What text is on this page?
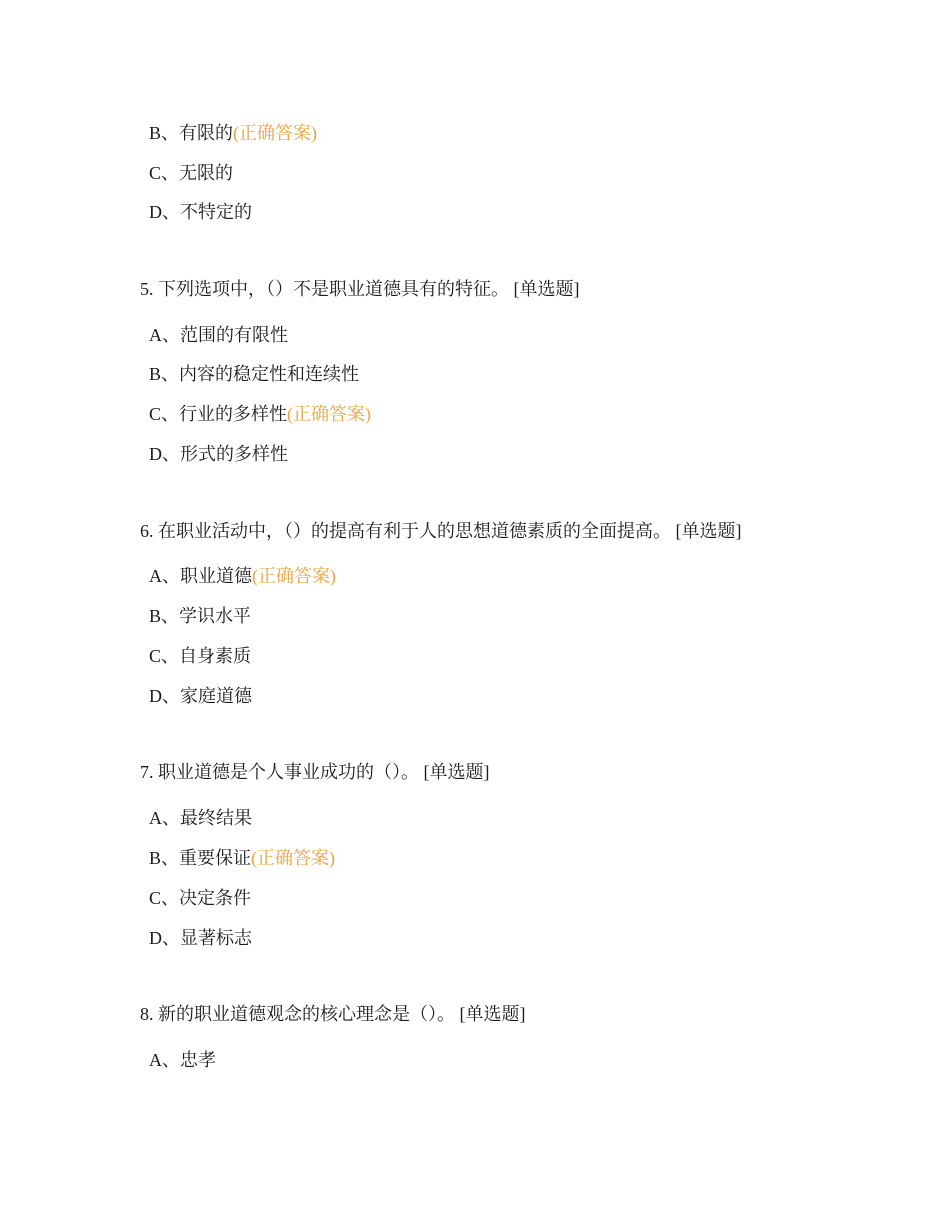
B、有限的(正确答案)
C、无限的
D、不特定的
5. 下列选项中，（）不是职业道德具有的特征。 [单选题]
A、范围的有限性
B、内容的稳定性和连续性
C、行业的多样性(正确答案)
D、形式的多样性
6. 在职业活动中，（）的提高有利于人的思想道德素质的全面提高。 [单选题]
A、职业道德(正确答案)
B、学识水平
C、自身素质
D、家庭道德
7. 职业道德是个人事业成功的（）。 [单选题]
A、最终结果
B、重要保证(正确答案)
C、决定条件
D、显著标志
8. 新的职业道德观念的核心理念是（）。 [单选题]
A、忠孝
